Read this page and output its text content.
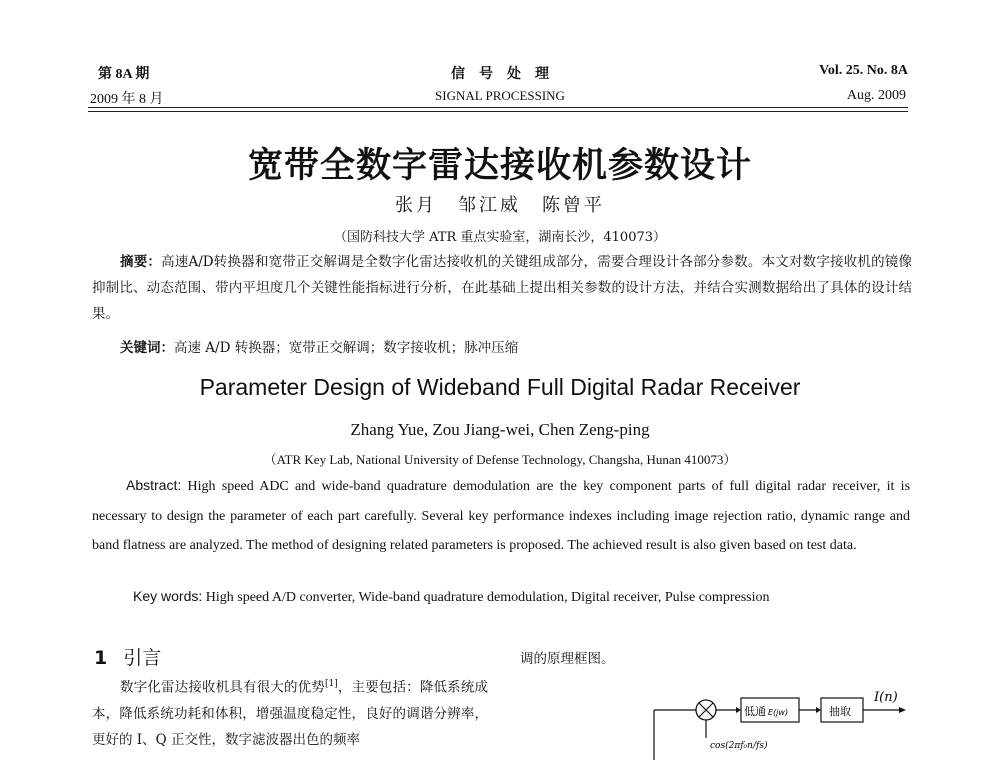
第 8A 期
2009 年 8 月
信　号　处　理
SIGNAL PROCESSING
Vol. 25. No. 8A
Aug. 2009
宽带全数字雷达接收机参数设计
张月　邹江威　陈曾平
（国防科技大学 ATR 重点实验室，湖南长沙，410073）
摘要：高速A/D转换器和宽带正交解调是全数字化雷达接收机的关键组成部分，需要合理设计各部分参数。本文对数字接收机的镜像抑制比、动态范围、带内平坦度几个关键性能指标进行分析，在此基础上提出相关参数的设计方法，并结合实测数据给出了具体的设计结果。
关键词：高速 A/D 转换器；宽带正交解调；数字接收机；脉冲压缩
Parameter Design of Wideband Full Digital Radar Receiver
Zhang Yue, Zou Jiang-wei, Chen Zeng-ping
（ATR Key Lab, National University of Defense Technology, Changsha, Hunan 410073）
Abstract: High speed ADC and wide-band quadrature demodulation are the key component parts of full digital radar receiver, it is necessary to design the parameter of each part carefully. Several key performance indexes including image rejection ratio, dynamic range and band flatness are analyzed. The method of designing related parameters is proposed. The achieved result is also given based on test data.
Key words: High speed A/D converter, Wide-band quadrature demodulation, Digital receiver, Pulse compression
1 引言
数字化雷达接收机具有很大的优势[1]，主要包括：降低系统成本，降低系统功耗和体积，增强温度稳定性，良好的调谐分辨率，更好的 I、Q 正交性，数字滤波器出色的频率
调的原理框图。
低通 E(jw)	抽取
I(n)
cos(2πf₀n/fs)
